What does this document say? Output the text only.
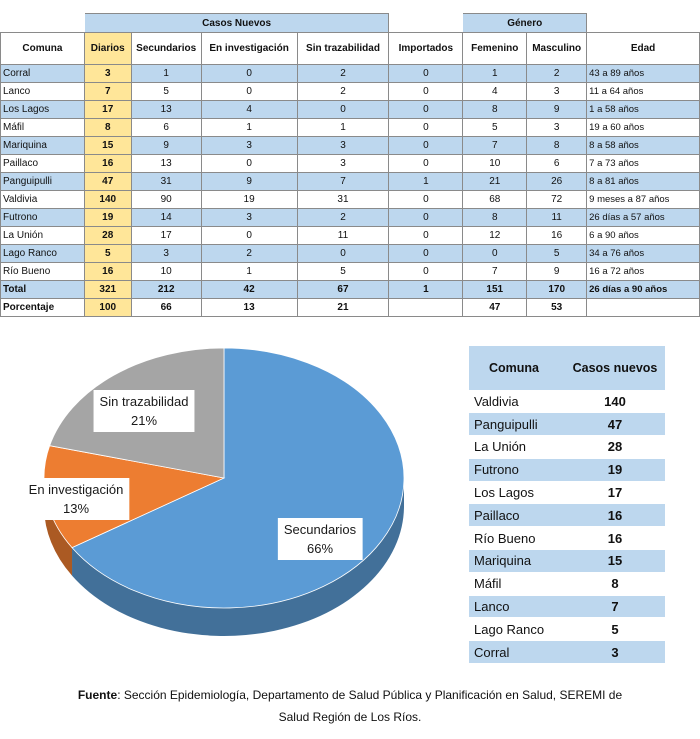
	Casos Nuevos					Género		
Comuna	Diarios	Secundarios	En investigación	Sin trazabilidad	Importados	Femenino	Masculino	Edad
Corral	3	1	0	2	0	1	2	43 a 89 años
Lanco	7	5	0	2	0	4	3	11 a 64 años
Los Lagos	17	13	4	0	0	8	9	1 a 58 años
Máfil	8	6	1	1	0	5	3	19 a 60 años
Mariquina	15	9	3	3	0	7	8	8 a 58 años
Paillaco	16	13	0	3	0	10	6	7 a 73 años
Panguipulli	47	31	9	7	1	21	26	8 a 81 años
Valdivia	140	90	19	31	0	68	72	9 meses a 87 años
Futrono	19	14	3	2	0	8	11	26 días a 57 años
La Unión	28	17	0	11	0	12	16	6 a 90 años
Lago Ranco	5	3	2	0	0	0	5	34 a 76 años
Río Bueno	16	10	1	5	0	7	9	16 a 72 años
Total	321	212	42	67	1	151	170	26 días a 90 años
Porcentaje	100	66	13	21		47	53	
Secundarios
66%
En investigación
13%
Sin trazabilidad
21%
Comuna	Casos nuevos
Valdivia	140
Panguipulli	47
La Unión	28
Futrono	19
Los Lagos	17
Paillaco	16
Río Bueno	16
Mariquina	15
Máfil	8
Lanco	7
Lago Ranco	5
Corral	3
Fuente: Sección Epidemiología, Departamento de Salud Pública y Planificación en Salud, SEREMI de
Salud Región de Los Ríos.
